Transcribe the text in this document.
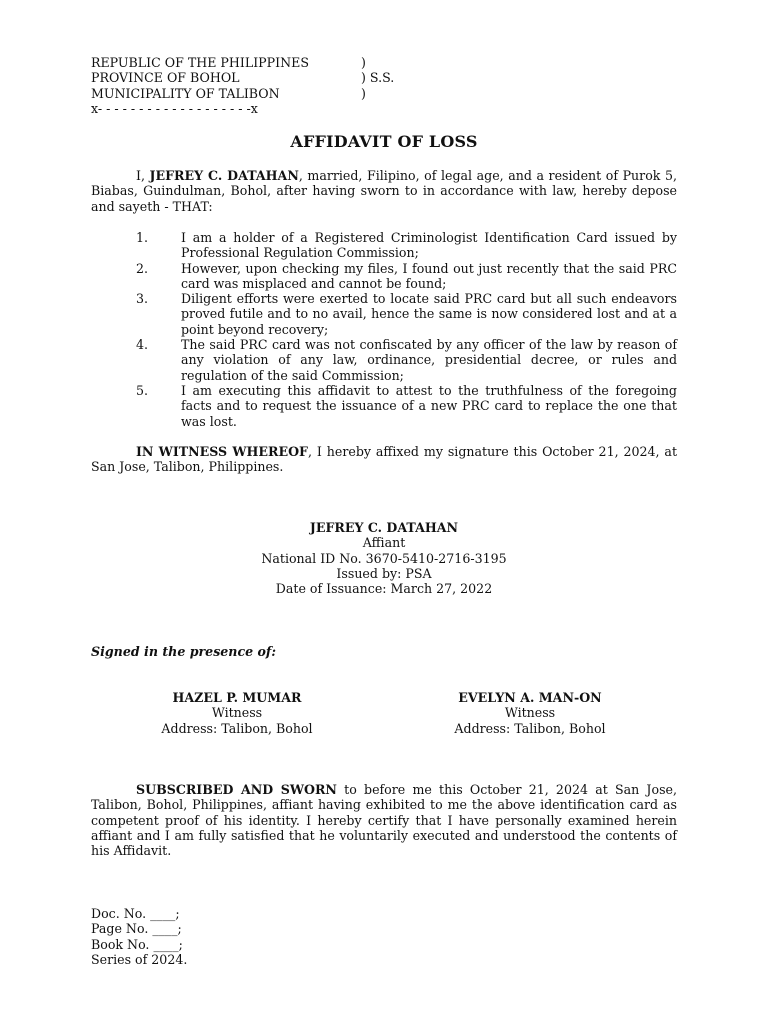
REPUBLIC OF THE PHILIPPINES	)
PROVINCE OF BOHOL	) S.S.
MUNICIPALITY OF TALIBON	)
x- - - - - - - - - - - - - - - - - - -x
AFFIDAVIT OF LOSS

I, JEFREY C. DATAHAN, married, Filipino, of legal age, and a resident of Purok 5, Biabas, Guindulman, Bohol, after having sworn to in accordance with law, hereby depose and sayeth - THAT:

1.	I am a holder of a Registered Criminologist Identification Card issued by Professional Regulation Commission;
2.	However, upon checking my files, I found out just recently that the said PRC card was misplaced and cannot be found;
3.	Diligent efforts were exerted to locate said PRC card but all such endeavors proved futile and to no avail, hence the same is now considered lost and at a point beyond recovery;
4.	The said PRC card was not confiscated by any officer of the law by reason of any violation of any law, ordinance, presidential decree, or rules and regulation of the said Commission;
5.	I am executing this affidavit to attest to the truthfulness of the foregoing facts and to request the issuance of a new PRC card to replace the one that was lost.

IN WITNESS WHEREOF, I hereby affixed my signature this October 21, 2024, at San Jose, Talibon, Philippines.

JEFREY C. DATAHAN
Affiant
National ID No. 3670-5410-2716-3195
Issued by: PSA
Date of Issuance: March 27, 2022
Signed in the presence of:
HAZEL P. MUMAR
Witness
Address: Talibon, Bohol
EVELYN A. MAN-ON
Witness
Address: Talibon, Bohol

SUBSCRIBED AND SWORN to before me this October 21, 2024 at San Jose, Talibon, Bohol, Philippines, affiant having exhibited to me the above identification card as competent proof of his identity. I hereby certify that I have personally examined herein affiant and I am fully satisfied that he voluntarily executed and understood the contents of his Affidavit.

Doc. No. ____;
Page No. ____;
Book No. ____;
Series of 2024.
